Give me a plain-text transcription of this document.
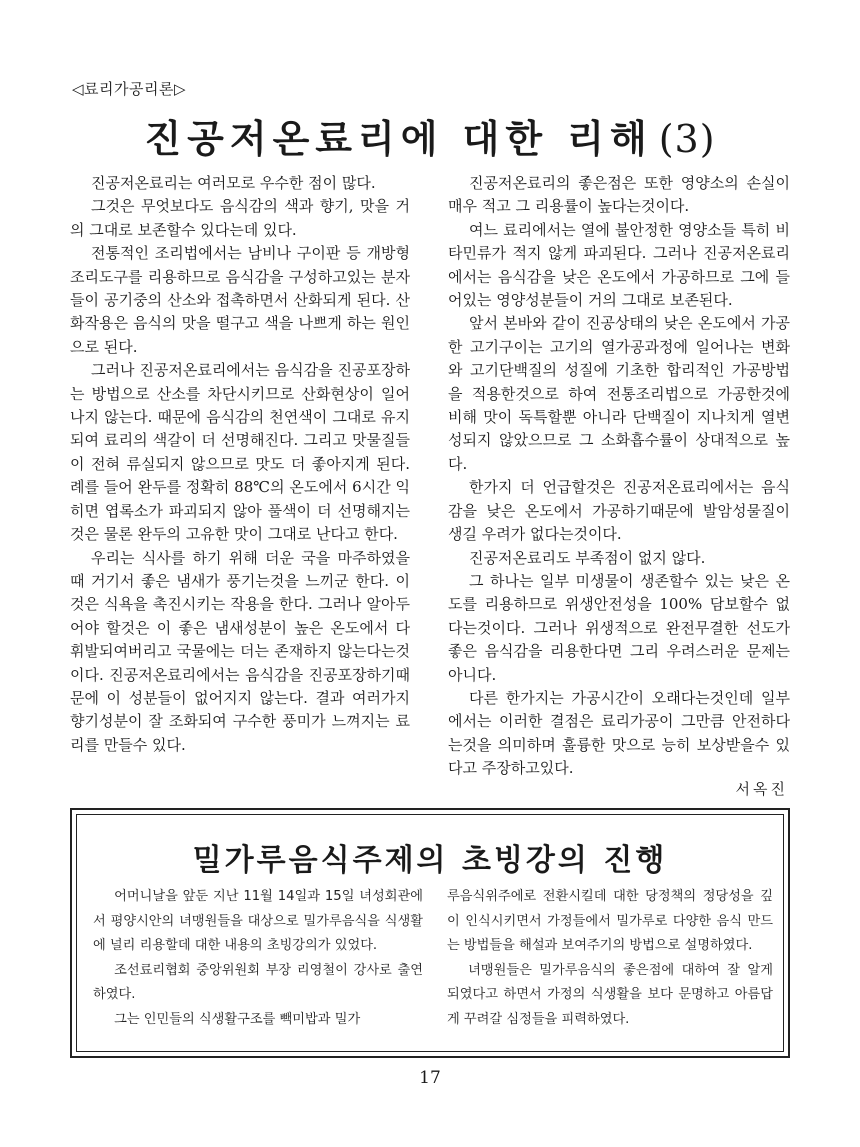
◁료리가공리론▷
진공저온료리에 대한 리해 (3)

진공저온료리는 여러모로 우수한 점이 많다.

그것은 무엇보다도 음식감의 색과 향기, 맛을 거의 그대로 보존할수 있다는데 있다.

전통적인 조리법에서는 남비나 구이판 등 개방형조리도구를 리용하므로 음식감을 구성하고있는 분자들이 공기중의 산소와 접촉하면서 산화되게 된다. 산화작용은 음식의 맛을 떨구고 색을 나쁘게 하는 원인으로 된다.

그러나 진공저온료리에서는 음식감을 진공포장하는 방법으로 산소를 차단시키므로 산화현상이 일어나지 않는다. 때문에 음식감의 천연색이 그대로 유지되여 료리의 색갈이 더 선명해진다. 그리고 맛물질들이 전혀 류실되지 않으므로 맛도 더 좋아지게 된다. 례를 들어 완두를 정확히 88℃의 온도에서 6시간 익히면 엽록소가 파괴되지 않아 풀색이 더 선명해지는것은 물론 완두의 고유한 맛이 그대로 난다고 한다.

우리는 식사를 하기 위해 더운 국을 마주하였을 때 거기서 좋은 냄새가 풍기는것을 느끼군 한다. 이것은 식욕을 촉진시키는 작용을 한다. 그러나 알아두어야 할것은 이 좋은 냄새성분이 높은 온도에서 다 휘발되여버리고 국물에는 더는 존재하지 않는다는것이다. 진공저온료리에서는 음식감을 진공포장하기때문에 이 성분들이 없어지지 않는다. 결과 여러가지 향기성분이 잘 조화되여 구수한 풍미가 느껴지는 료리를 만들수 있다.

진공저온료리의 좋은점은 또한 영양소의 손실이 매우 적고 그 리용률이 높다는것이다.

여느 료리에서는 열에 불안정한 영양소들 특히 비타민류가 적지 않게 파괴된다. 그러나 진공저온료리에서는 음식감을 낮은 온도에서 가공하므로 그에 들어있는 영양성분들이 거의 그대로 보존된다.

앞서 본바와 같이 진공상태의 낮은 온도에서 가공한 고기구이는 고기의 열가공과정에 일어나는 변화와 고기단백질의 성질에 기초한 합리적인 가공방법을 적용한것으로 하여 전통조리법으로 가공한것에 비해 맛이 독특할뿐 아니라 단백질이 지나치게 열변성되지 않았으므로 그 소화흡수률이 상대적으로 높다.

한가지 더 언급할것은 진공저온료리에서는 음식감을 낮은 온도에서 가공하기때문에 발암성물질이 생길 우려가 없다는것이다.

진공저온료리도 부족점이 없지 않다.

그 하나는 일부 미생물이 생존할수 있는 낮은 온도를 리용하므로 위생안전성을 100% 담보할수 없다는것이다. 그러나 위생적으로 완전무결한 선도가 좋은 음식감을 리용한다면 그리 우려스러운 문제는 아니다.

다른 한가지는 가공시간이 오래다는것인데 일부에서는 이러한 결점은 료리가공이 그만큼 안전하다는것을 의미하며 훌륭한 맛으로 능히 보상받을수 있다고 주장하고있다.

서옥진
밀가루음식주제의 초빙강의 진행

어머니날을 앞둔 지난 11월 14일과 15일 녀성회관에서 평양시안의 녀맹원들을 대상으로 밀가루음식을 식생활에 널리 리용할데 대한 내용의 초빙강의가 있었다.

조선료리협회 중앙위원회 부장 리영철이 강사로 출연하였다.

그는 인민들의 식생활구조를 빽미밥과 밀가

루음식위주에로 전환시킬데 대한 당정책의 정당성을 깊이 인식시키면서 가정들에서 밀가루로 다양한 음식 만드는 방법들을 해설과 보여주기의 방법으로 설명하였다.

녀맹원들은 밀가루음식의 좋은점에 대하여 잘 알게 되였다고 하면서 가정의 식생활을 보다 문명하고 아름답게 꾸려갈 심정들을 피력하였다.

17
